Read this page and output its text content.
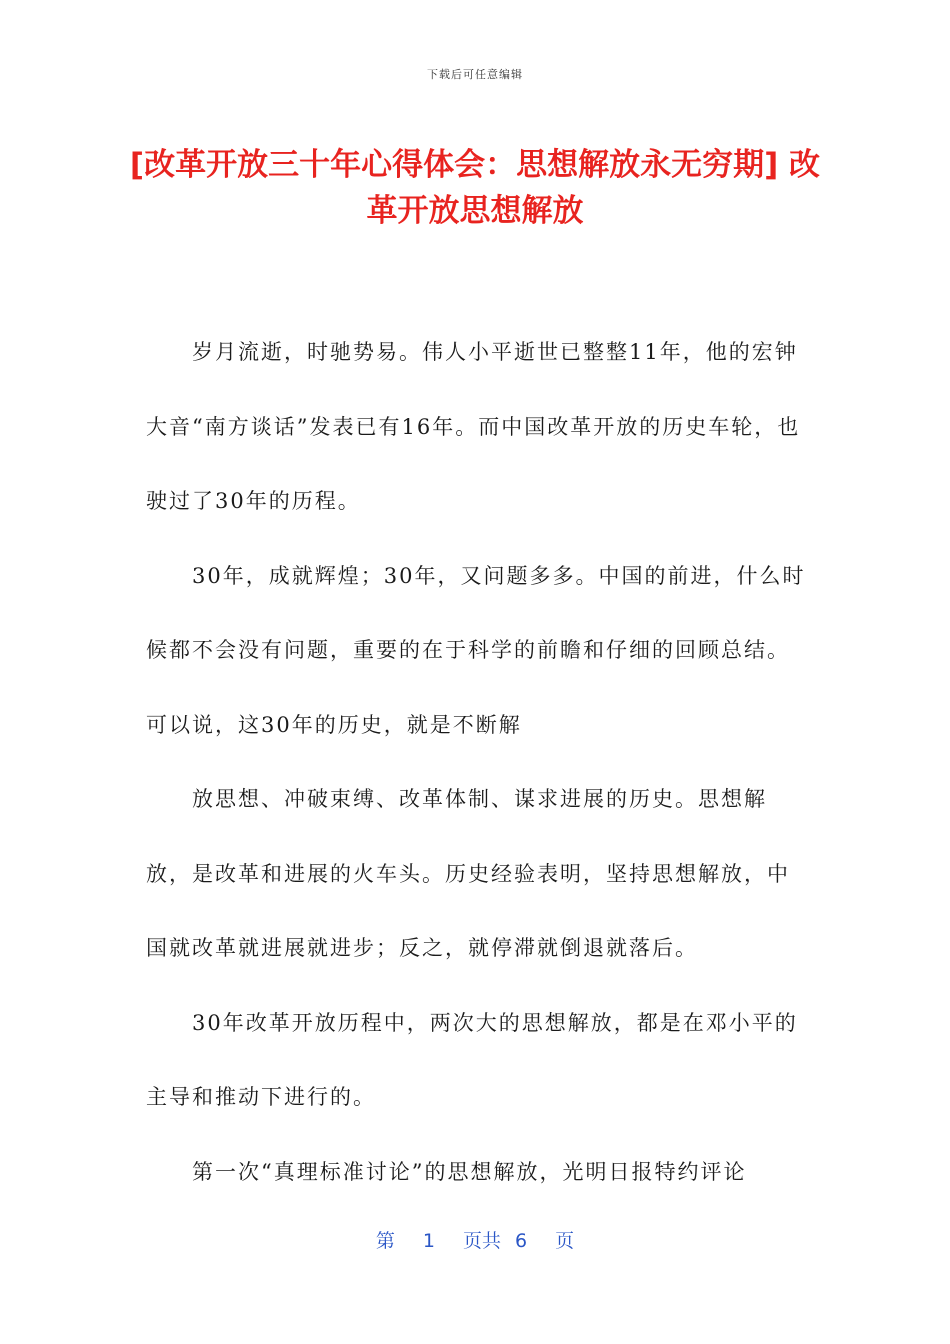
下载后可任意编辑
[改革开放三十年心得体会：思想解放永无穷期] 改革开放思想解放

岁月流逝，时驰势易。伟人小平逝世已整整11年，他的宏钟大音“南方谈话”发表已有16年。而中国改革开放的历史车轮，也驶过了30年的历程。

30年，成就辉煌；30年，又问题多多。中国的前进，什么时候都不会没有问题，重要的在于科学的前瞻和仔细的回顾总结。可以说，这30年的历史，就是不断解

放思想、冲破束缚、改革体制、谋求进展的历史。思想解放，是改革和进展的火车头。历史经验表明，坚持思想解放，中国就改革就进展就进步；反之，就停滞就倒退就落后。

30年改革开放历程中，两次大的思想解放，都是在邓小平的主导和推动下进行的。

第一次“真理标准讨论”的思想解放，光明日报特约评论

第 1 页共 6 页
